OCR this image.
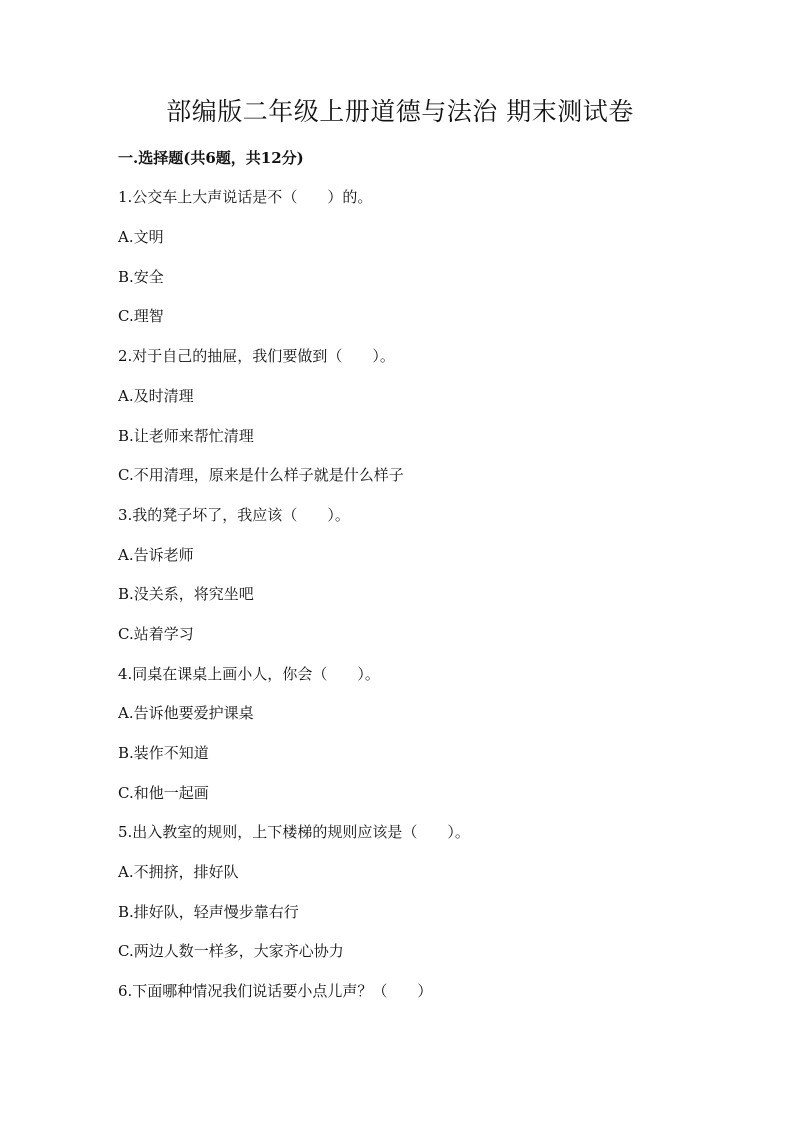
部编版二年级上册道德与法治 期末测试卷
一.选择题(共6题，共12分)
1.公交车上大声说话是不（　　）的。
A.文明
B.安全
C.理智
2.对于自己的抽屉，我们要做到（　　）。
A.及时清理
B.让老师来帮忙清理
C.不用清理，原来是什么样子就是什么样子
3.我的凳子坏了，我应该（　　）。
A.告诉老师
B.没关系，将究坐吧
C.站着学习
4.同桌在课桌上画小人，你会（　　）。
A.告诉他要爱护课桌
B.装作不知道
C.和他一起画
5.出入教室的规则，上下楼梯的规则应该是（　　）。
A.不拥挤，排好队
B.排好队，轻声慢步靠右行
C.两边人数一样多，大家齐心协力
6.下面哪种情况我们说话要小点儿声？（　　）
